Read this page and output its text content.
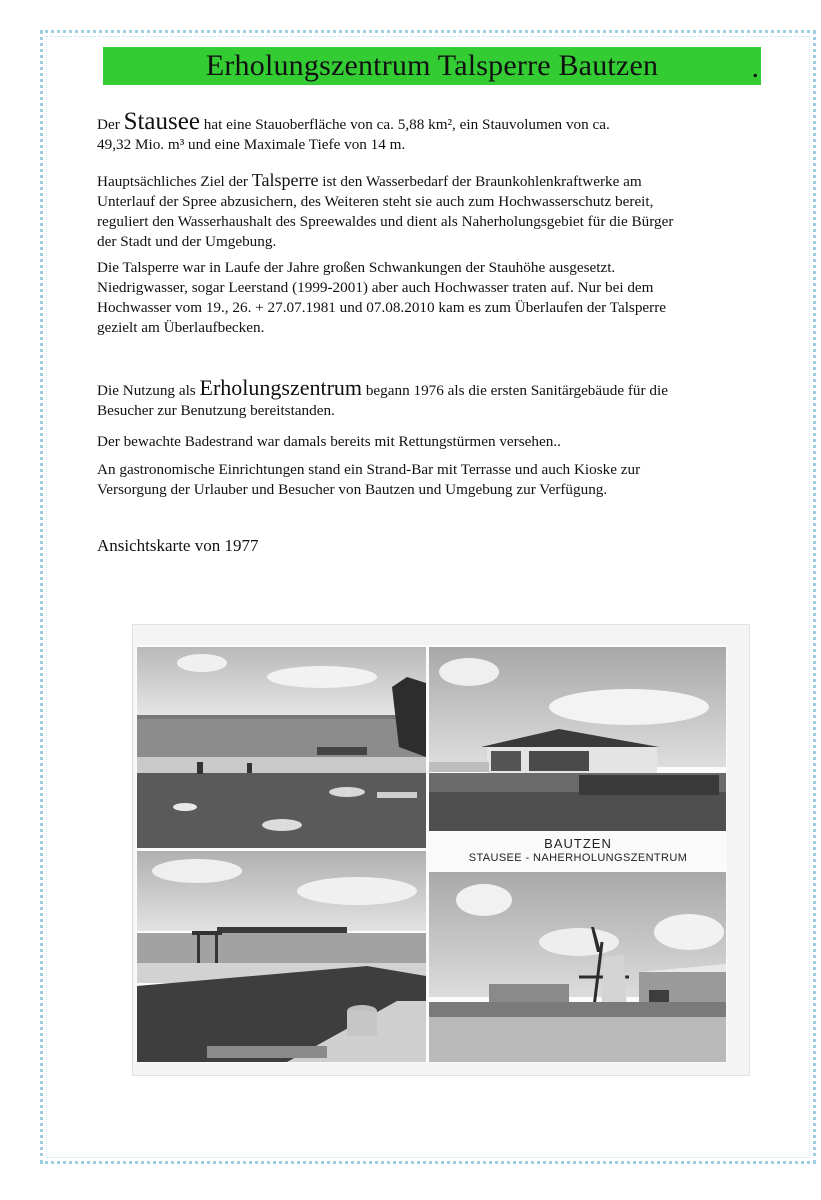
Erholungszentrum Talsperre Bautzen	.

Der Stausee hat eine Stauoberfläche von ca. 5,88 km², ein Stauvolumen von ca.
49,32 Mio. m³ und eine Maximale Tiefe von 14 m.

Hauptsächliches Ziel der Talsperre ist den Wasserbedarf der Braunkohlenkraftwerke am
Unterlauf der Spree abzusichern, des Weiteren steht sie auch zum Hochwasserschutz bereit,
reguliert den Wasserhaushalt des Spreewaldes und dient als Naherholungsgebiet für die Bürger
der Stadt und der Umgebung.

Die Talsperre war in Laufe der Jahre großen Schwankungen der Stauhöhe ausgesetzt.
Niedrigwasser, sogar Leerstand (1999-2001) aber auch Hochwasser traten auf. Nur bei dem
Hochwasser vom 19., 26. + 27.07.1981 und 07.08.2010 kam es zum Überlaufen der Talsperre
gezielt am Überlaufbecken.

Die Nutzung als Erholungszentrum begann 1976 als die ersten Sanitärgebäude für die
Besucher zur Benutzung bereitstanden.

Der bewachte Badestrand war damals bereits mit Rettungstürmen versehen..

An gastronomische Einrichtungen stand ein Strand-Bar mit Terrasse und auch Kioske zur
Versorgung der Urlauber und Besucher von Bautzen und Umgebung zur Verfügung.

Ansichtskarte von 1977
BAUTZEN
STAUSEE - NAHERHOLUNGSZENTRUM
